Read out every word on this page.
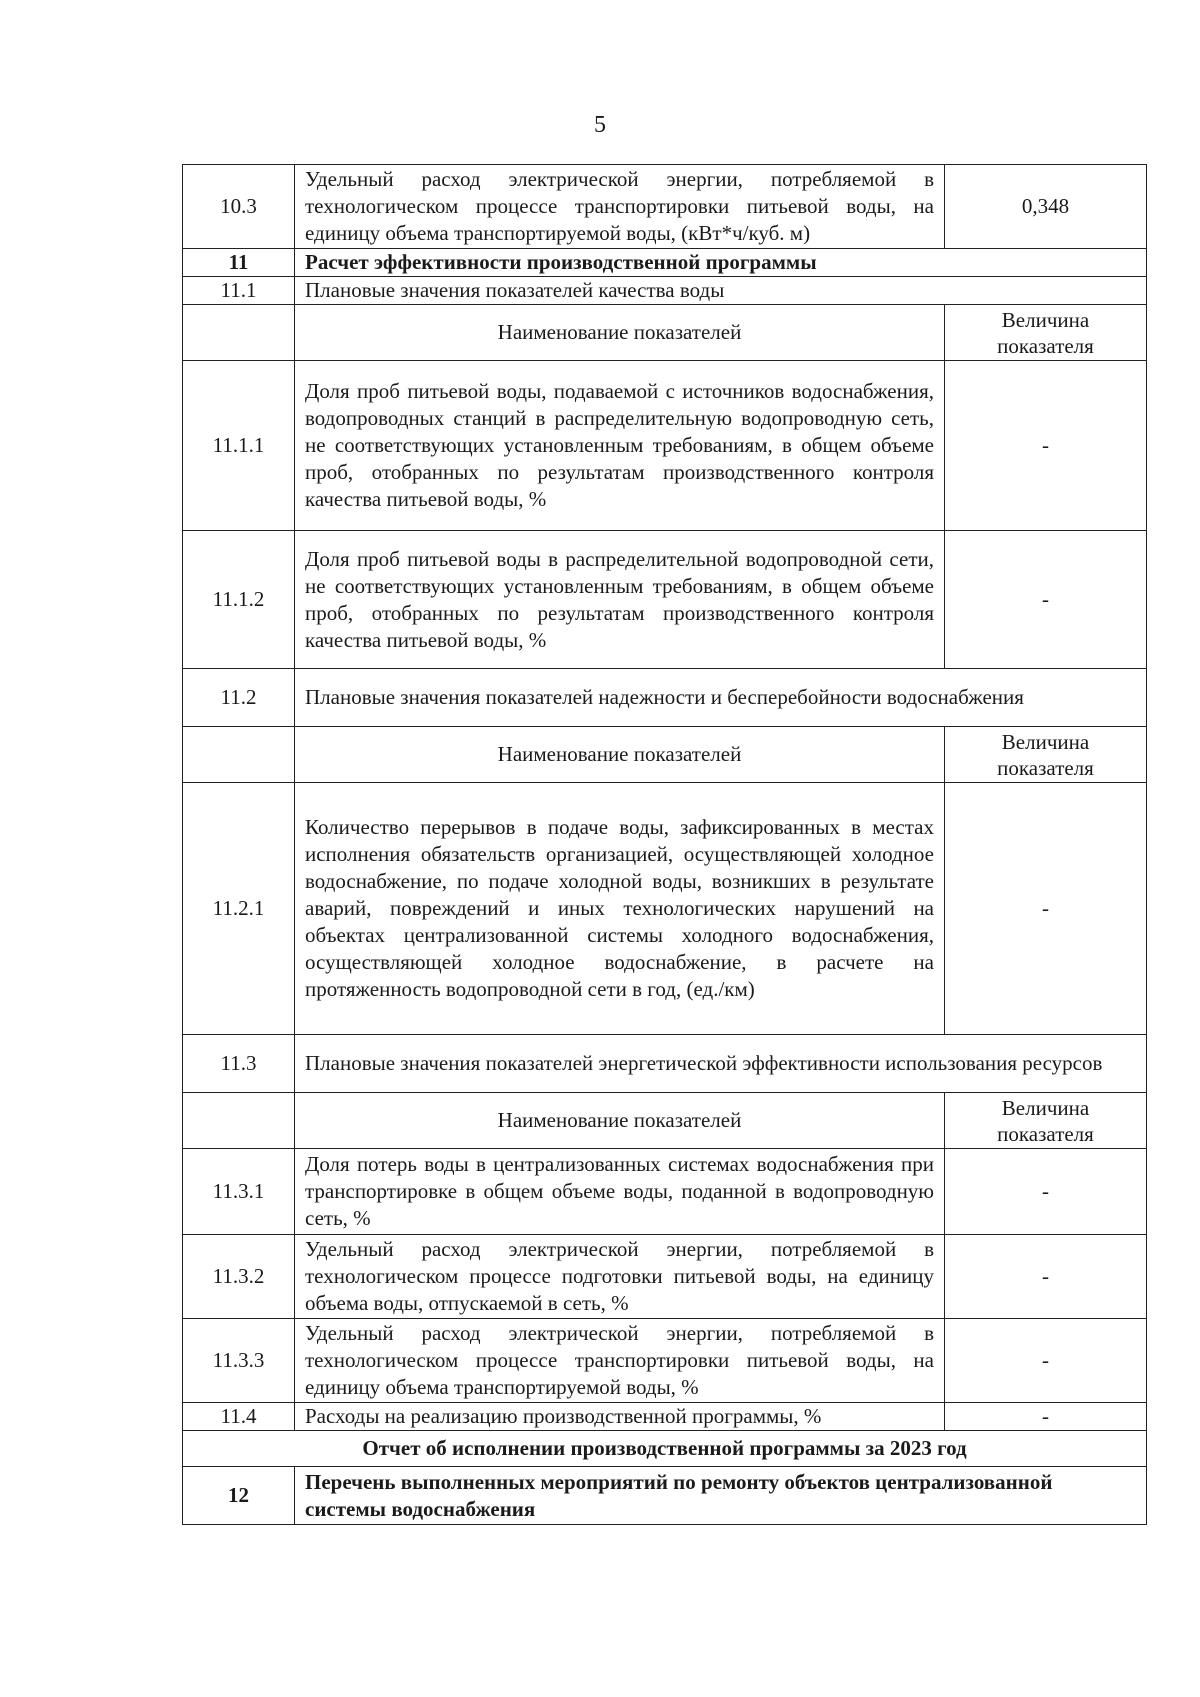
5
10.3	Удельный расход электрической энергии, потребляемой в технологическом процессе транспортировки питьевой воды, на единицу объема транспортируемой воды, (кВт*ч/куб. м)	0,348
11	Расчет эффективности производственной программы	
11.1	Плановые значения показателей качества воды	
	Наименование показателей	Величина показателя
11.1.1	Доля проб питьевой воды, подаваемой с источников водоснабжения, водопроводных станций в распределительную водопроводную сеть, не соответствующих установленным требованиям, в общем объеме проб, отобранных по результатам производственного контроля качества питьевой воды, %	-
11.1.2	Доля проб питьевой воды в распределительной водопроводной сети, не соответствующих установленным требованиям, в общем объеме проб, отобранных по результатам производственного контроля качества питьевой воды, %	-
11.2	Плановые значения показателей надежности и бесперебойности водоснабжения	
	Наименование показателей	Величина показателя
11.2.1	Количество перерывов в подаче воды, зафиксированных в местах исполнения обязательств организацией, осуществляющей холодное водоснабжение, по подаче холодной воды, возникших в результате аварий, повреждений и иных технологических нарушений на объектах централизованной системы холодного водоснабжения, осуществляющей холодное водоснабжение, в расчете на протяженность водопроводной сети в год, (ед./км)	-
11.3	Плановые значения показателей энергетической эффективности использования ресурсов	
	Наименование показателей	Величина показателя
11.3.1	Доля потерь воды в централизованных системах водоснабжения при транспортировке в общем объеме воды, поданной в водопроводную сеть, %	-
11.3.2	Удельный расход электрической энергии, потребляемой в технологическом процессе подготовки питьевой воды, на единицу объема воды, отпускаемой в сеть, %	-
11.3.3	Удельный расход электрической энергии, потребляемой в технологическом процессе транспортировки питьевой воды, на единицу объема транспортируемой воды, %	-
11.4	Расходы на реализацию производственной программы, %	-
Отчет об исполнении производственной программы за 2023 год		
12	Перечень выполненных мероприятий по ремонту объектов централизованной системы водоснабжения	
